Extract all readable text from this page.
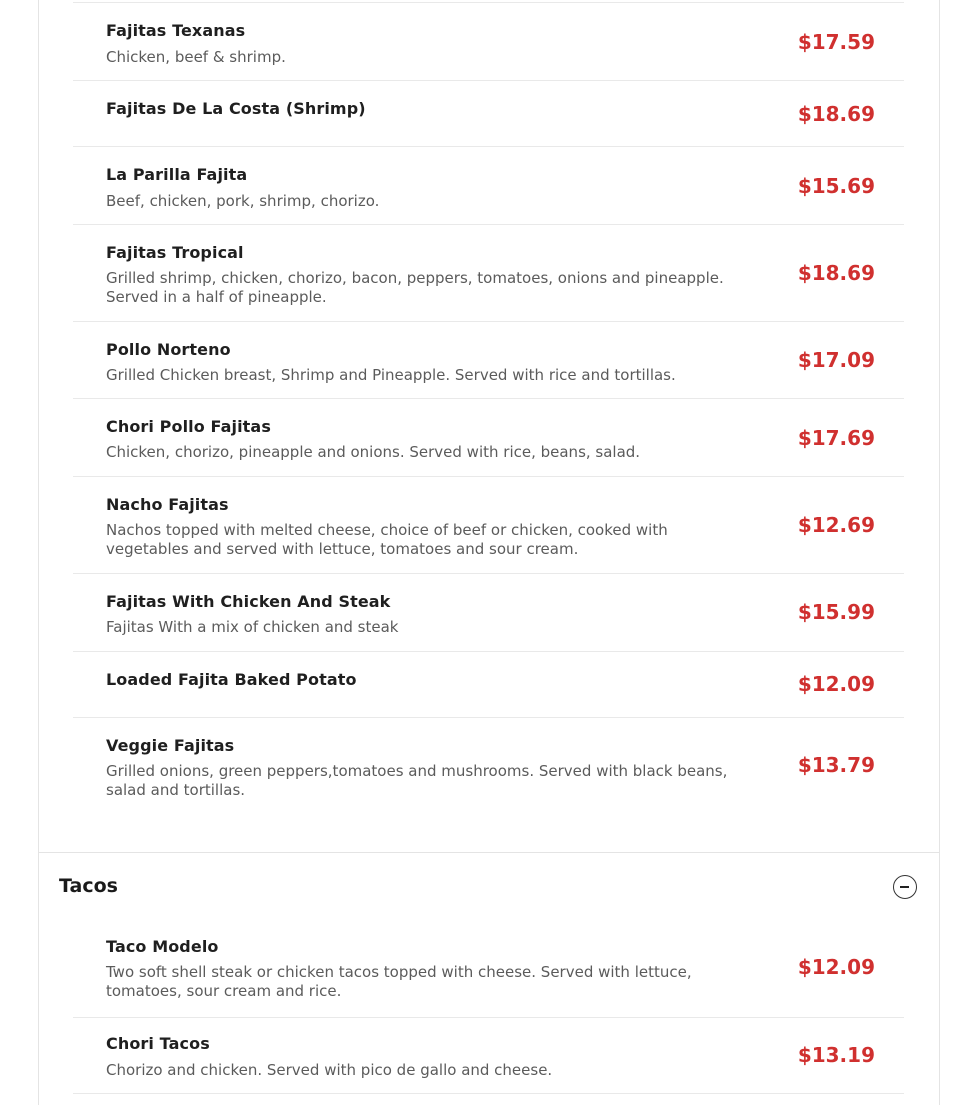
Fajitas Texanas
Chicken, beef & shrimp.
$17.59
Fajitas De La Costa (Shrimp)	$18.69
La Parilla Fajita
Beef, chicken, pork, shrimp, chorizo.
$15.69
Fajitas Tropical
Grilled shrimp, chicken, chorizo, bacon, peppers, tomatoes, onions and pineapple. Served in a half of pineapple.
$18.69
Pollo Norteno
Grilled Chicken breast, Shrimp and Pineapple. Served with rice and tortillas.
$17.09
Chori Pollo Fajitas
Chicken, chorizo, pineapple and onions. Served with rice, beans, salad.
$17.69
Nacho Fajitas
Nachos topped with melted cheese, choice of beef or chicken, cooked with vegetables and served with lettuce, tomatoes and sour cream.
$12.69
Fajitas With Chicken And Steak
Fajitas With a mix of chicken and steak
$15.99
Loaded Fajita Baked Potato	$12.09
Veggie Fajitas
Grilled onions, green peppers,tomatoes and mushrooms. Served with black beans, salad and tortillas.
$13.79
Tacos
Taco Modelo
Two soft shell steak or chicken tacos topped with cheese. Served with lettuce, tomatoes, sour cream and rice.
$12.09
Chori Tacos
Chorizo and chicken. Served with pico de gallo and cheese.
$13.19
